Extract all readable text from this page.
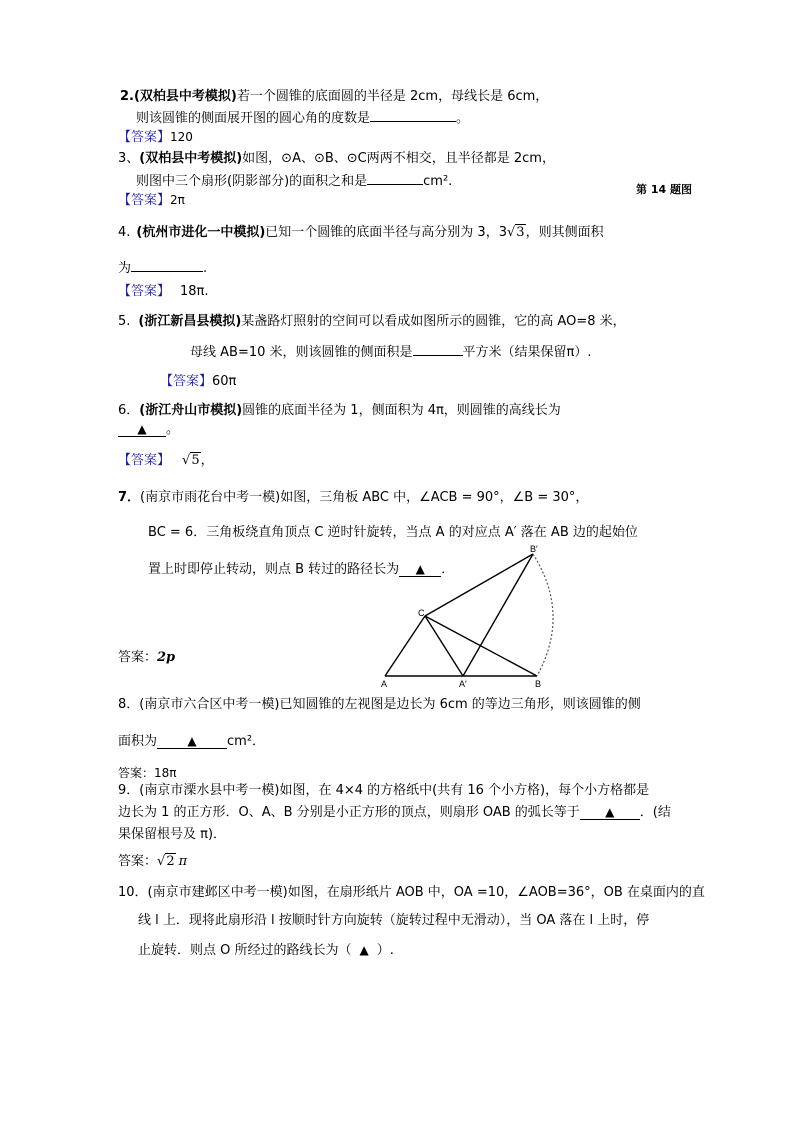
2.(双柏县中考模拟)若一个圆锥的底面圆的半径是 2cm，母线长是 6cm，
则该圆锥的侧面展开图的圆心角的度数是	。
【答案】120
3、(双柏县中考模拟)如图，⊙A、⊙B、⊙C两两不相交，且半径都是 2cm，
则图中三个扇形(阴影部分)的面积之和是	cm².
第 14 题图
【答案】2π
4. (杭州市进化一中模拟)已知一个圆锥的底面半径与高分别为 3，3√3，则其侧面积
为	.
【答案】 18π.
5. (浙江新昌县模拟)某盏路灯照射的空间可以看成如图所示的圆锥，它的高 AO=8 米，
母线 AB=10 米，则该圆锥的侧面积是	平方米（结果保留π）.
【答案】60π
6．(浙江舟山市模拟)圆锥的底面半径为 1，侧面积为 4π，则圆锥的高线长为
▲ 。
【答案】 √5，
7．(南京市雨花台中考一模)如图，三角板 ABC 中，∠ACB = 90°，∠B = 30°，
BC = 6．三角板绕直角顶点 C 逆时针旋转，当点 A 的对应点 A′ 落在 AB 边的起始位
置上时即停止转动，则点 B 转过的路径长为 ▲ ．
答案：2p
C
A	A′	B
B′
8．(南京市六合区中考一模)已知圆锥的左视图是边长为 6cm 的等边三角形，则该圆锥的侧
面积为	▲ cm²．
答案：18π
9．(南京市溧水县中考一模)如图，在 4×4 的方格纸中(共有 16 个小方格)，每个小方格都是
边长为 1 的正方形．O、A、B 分别是小正方形的顶点，则扇形 OAB 的弧长等于 ▲ ．(结
果保留根号及 π)．
答案：√2 π
10．(南京市建邺区中考一模)如图，在扇形纸片 AOB 中，OA =10，∠AOB=36°，OB 在桌面内的直
线 l 上．现将此扇形沿 l 按顺时针方向旋转（旋转过程中无滑动），当 OA 落在 l 上时，停
止旋转．则点 O 所经过的路线长为（ ▲ ）.
